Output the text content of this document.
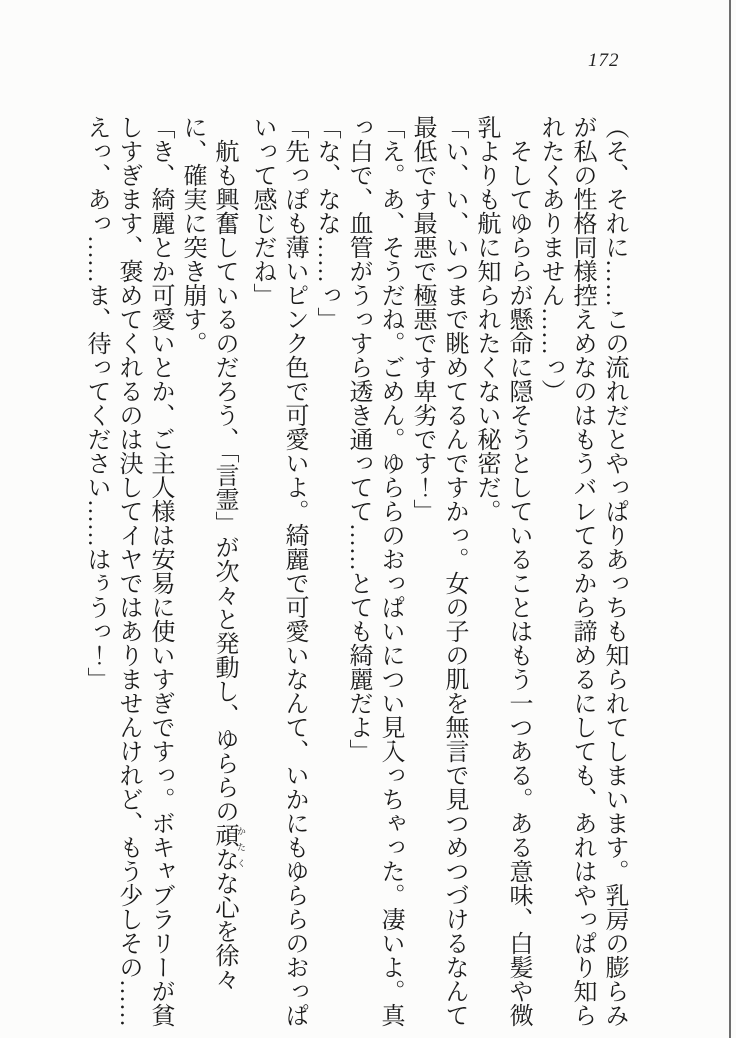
172

（そ、それに……この流れだとやっぱりあっちも知られてしまいます。乳房の膨らみが私の性格同様控えめなのはもうバレてるから諦めるにしても、あれはやっぱり知られたくありません……っ）

そしてゆららが懸命に隠そうとしていることはもう一つある。ある意味、白髪や微乳よりも航に知られたくない秘密だ。

「い、い、いつまで眺めてるんですかっ。女の子の肌を無言で見つめつづけるなんて最低です最悪で極悪です卑劣です！」

「え。あ、そうだね。ごめん。ゆららのおっぱいについ見入っちゃった。凄いよ。真っ白で、血管がうっすら透き通ってて……とても綺麗だよ」

「な、なな……っ」

「先っぽも薄いピンク色で可愛いよ。綺麗で可愛いなんて、いかにもゆららのおっぱいって感じだね」

航も興奮しているのだろう、「言霊」が次々と発動し、ゆららの頑な かたくな心を徐々に、確実に突き崩す。

「き、綺麗とか可愛いとか、ご主人様は安易に使いすぎですっ。ボキャブラリーが貧しすぎます、褒めてくれるのは決してイヤではありませんけれど、もう少しその……えっ、あっ……ま、待ってください……はぅうっ！」
